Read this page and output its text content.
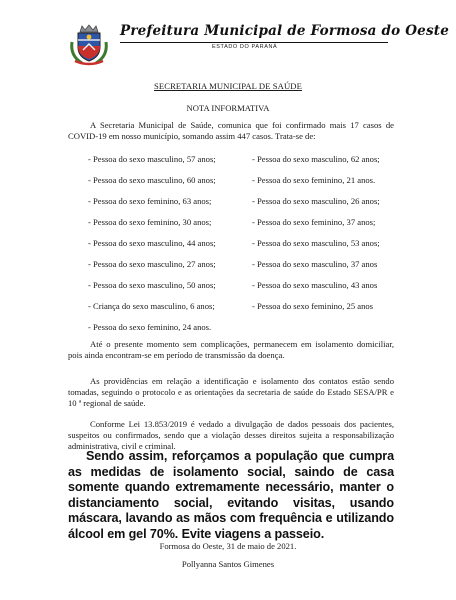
Prefeitura Municipal de Formosa do Oeste
ESTADO DO PARANÁ
SECRETARIA MUNICIPAL DE SAÚDE
NOTA INFORMATIVA
A Secretaria Municipal de Saúde, comunica que foi confirmado mais 17 casos de COVID-19 em nosso município, somando assim 447 casos. Trata-se de:
- Pessoa do sexo masculino, 57 anos;
- Pessoa do sexo masculino, 60 anos;
- Pessoa do sexo feminino, 63 anos;
- Pessoa do sexo feminino, 30 anos;
- Pessoa do sexo masculino, 44 anos;
- Pessoa do sexo masculino, 27 anos;
- Pessoa do sexo masculino, 50 anos;
- Criança do sexo masculino, 6 anos;
- Pessoa do sexo feminino, 24 anos.
- Pessoa do sexo masculino, 62 anos;
- Pessoa do sexo feminino, 21 anos.
- Pessoa do sexo masculino, 26 anos;
- Pessoa do sexo feminino, 37 anos;
- Pessoa do sexo masculino, 53 anos;
- Pessoa do sexo masculino, 37 anos
- Pessoa do sexo masculino, 43 anos
- Pessoa do sexo feminino, 25 anos
Até o presente momento sem complicações, permanecem em isolamento domiciliar, pois ainda encontram-se em período de transmissão da doença.
As providências em relação a identificação e isolamento dos contatos estão sendo tomadas, seguindo o protocolo e as orientações da secretaria de saúde do Estado SESA/PR e 10 ª regional de saúde.
Conforme Lei 13.853/2019 é vedado a divulgação de dados pessoais dos pacientes, suspeitos ou confirmados, sendo que a violação desses direitos sujeita a responsabilização administrativa, civil e criminal.
Sendo assim, reforçamos a população que cumpra as medidas de isolamento social, saindo de casa somente quando extremamente necessário, manter o distanciamento social, evitando visitas, usando máscara, lavando as mãos com frequência e utilizando álcool em gel 70%. Evite viagens a passeio.
Formosa do Oeste, 31 de maio de 2021.
Pollyanna Santos Gimenes
